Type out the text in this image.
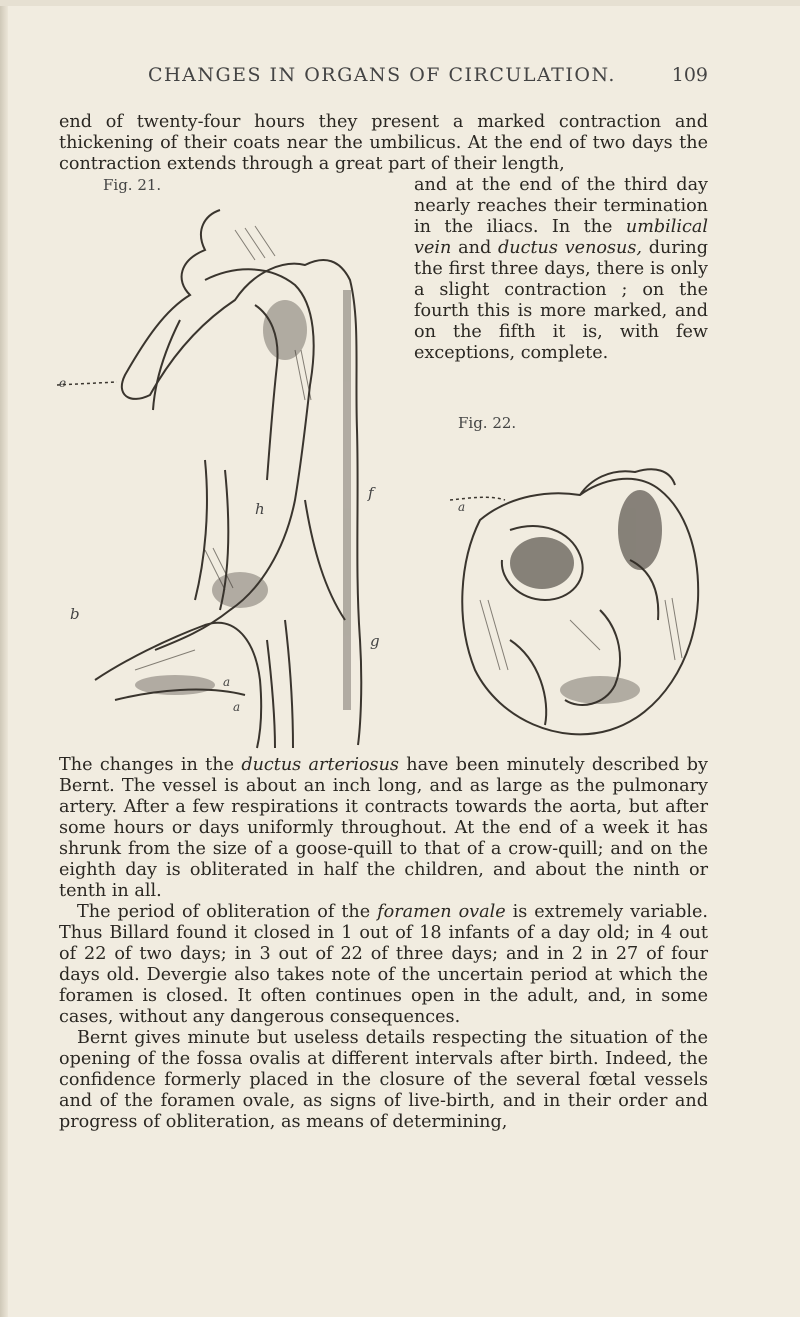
CHANGES IN ORGANS OF CIRCULATION.	109
end of twenty-four hours they present a marked contraction and thickening of their coats near the umbilicus. At the end of two days the contraction extends through a great part of their length,
and at the end of the third day nearly reaches their termination in the iliacs. In the umbilical vein and ductus venosus, during the first three days, there is only a slight contraction ; on the fourth this is more marked, and on the fifth it is, with few exceptions, complete.
Fig. 21.
e
f
h
b
a
a
g
Fig. 22.
a

The changes in the ductus arteriosus have been minutely described by Bernt. The vessel is about an inch long, and as large as the pulmonary artery. After a few respirations it contracts towards the aorta, but after some hours or days uniformly throughout. At the end of a week it has shrunk from the size of a goose-quill to that of a crow-quill; and on the eighth day is obliterated in half the children, and about the ninth or tenth in all.

The period of obliteration of the foramen ovale is extremely variable. Thus Billard found it closed in 1 out of 18 infants of a day old; in 4 out of 22 of two days; in 3 out of 22 of three days; and in 2 in 27 of four days old. Devergie also takes note of the uncertain period at which the foramen is closed. It often continues open in the adult, and, in some cases, without any dangerous consequences.

Bernt gives minute but useless details respecting the situation of the opening of the fossa ovalis at different intervals after birth. Indeed, the confidence formerly placed in the closure of the several fœtal vessels and of the foramen ovale, as signs of live-birth, and in their order and progress of obliteration, as means of determining,
